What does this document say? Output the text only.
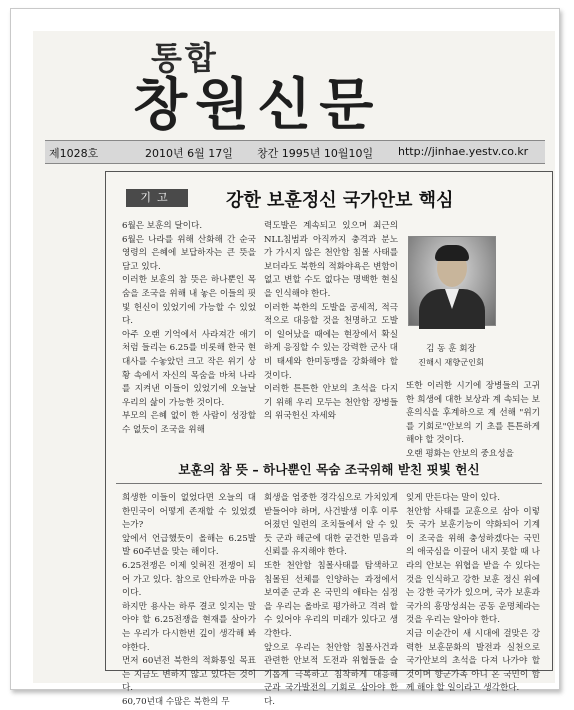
통합
창원신문
제1028호	2010년 6월 17일 창간 1995년 10월10일 http://jinhae.yestv.co.kr
기고	강한 보훈정신 국가안보 핵심
6월은 보훈의 달이다.
6월은 나라를 위해 산화해 간 순국영령의 은혜에 보답하자는 큰 뜻을 담고 있다.
이러한 보훈의 참 뜻은 하나뿐인 목숨을 조국을 위해 내 놓은 이들의 핏빛 헌신이 있었기에 가능할 수 있었다.
아주 오랜 기억에서 사라져간 애기처럼 들리는 6.25를 비롯해 한국 현대사를 수놓았던 크고 작은 위기 상황 속에서 자신의 목숨을 바쳐 나라를 지켜낸 이들이 있었기에 오늘날 우리의 삶이 가능한 것이다.
부모의 은혜 없이 한 사람이 성장할 수 없듯이 조국을 위해
력도발은 계속되고 있으며 최근의 NLL침범과 아직까지 충격과 분노가 가시지 않은 천안함 침몰 사태를 보더라도 북한의 적화야욕은 변함이 없고 변할 수도 없다는 명백한 현실을 인식해야 한다.
이러한 북한의 도발을 공세적, 적극적으로 대응할 것을 천명하고 도발이 일어났을 때에는 현장에서 확실하게 응징할 수 있는 강력한 군사 대비 태세와 한미동맹을 강화해야 할 것이다.
이러한 튼튼한 안보의 초석을 다지기 위해 우리 모두는 천안함 장병들의 위국헌신 자세와
김 동 훈 회장
진해시 재향군인회
또한 이러한 시기에 장병들의 고귀한 희생에 대한 보상과 계 속되는 보훈의식을 후계하으로 계 선해 "위기를 기회로"안보의 기 초를 튼튼하게 해야 할 것이다.
오랜 평화는 안보의 중요성을
보훈의 참 뜻 – 하나뿐인 목숨 조국위해 받친 핏빛 헌신
희생한 이들이 없었다면 오늘의 대한민국이 어떻게 존재할 수 있었겠는가?
앞에서 언급했듯이 올해는 6.25발발 60주년을 맞는 해이다.
6.25전쟁은 이제 잊혀진 전쟁이 되어 가고 있다. 참으로 안타까운 마음이다.
하지만 용사는 하루 결코 잊지는 말아야 할 6.25전쟁을 현재를 살아가는 우리가 다시한번 깊이 생각해 봐야한다.
먼저 60년전 북한의 적화통일 목표는 지금도 변하지 않고 있다는 것이다.
60,70년대 수많은 북한의 무
회생을 엄중한 경각심으로 가치있게 받들어야 하며, 사건발생 이후 이루어졌던 일련의 조치들에서 알 수 있듯 군과 해군에 대한 굳건한 믿음과 신뢰를 유지해야 한다.
또한 천안함 침몰사태를 탐색하고 침몰된 선체를 인양하는 과정에서 보여준 군과 온 국민의 애타는 심정을 우리는 올바로 평가하고 격려 할 수 있어야 우리의 미래가 있다고 생각한다.
앞으로 우리는 천안함 침몰사건과 관련한 안보적 도전과 위협들을 슬기롭게 극복하고 침착하게 대응해 군과 국가발전의 기회로 삼아야 한다.
잊게 만든다는 말이 있다.
천안함 사태를 교훈으로 삼아 이렇듯 국가 보훈기능이 약화되어 기계이 조국을 위해 충성하겠다는 국민의 애국심을 이끌어 내지 못할 때 나라의 안보는 위협을 받을 수 있다는 것을 인식하고 강한 보훈 정신 위에는 강한 국가가 있으며, 국가 보훈과 국가의 흥망성쇠는 공동 운명체라는 것을 우리는 알아야 한다.
지금 이순간이 새 시대에 걸맞은 강력한 보훈문화의 발전과 실천으로 국가안보의 초석을 다져 나가야 할 것이며 향군가족 아니 온 국민이 함께 해야 할 일이라고 생각한다.
